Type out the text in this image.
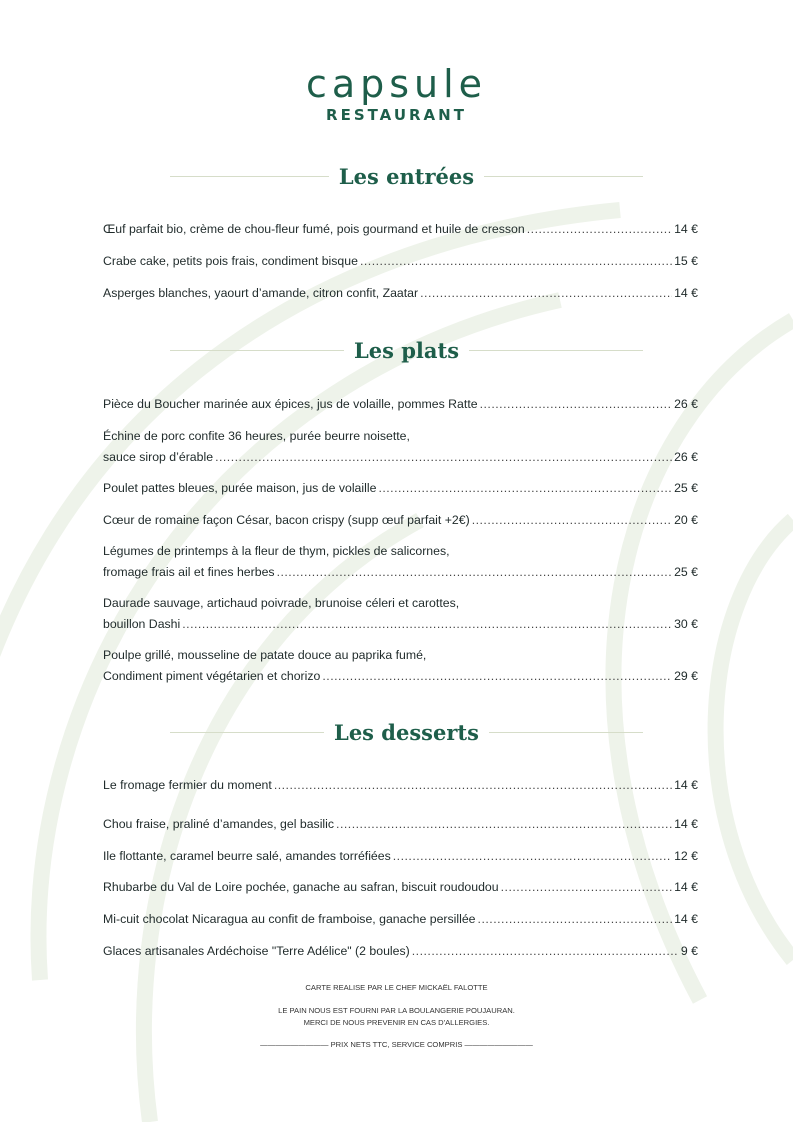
capsule
RESTAURANT
Les entrées
Œuf parfait bio, crème de chou-fleur fumé, pois gourmand et huile de cresson .....	14 €
Crabe cake, petits pois frais, condiment bisque .....	15 €
Asperges blanches, yaourt d’amande, citron confit, Zaatar .....	14 €
Les plats
Pièce du Boucher marinée aux épices, jus de volaille, pommes Ratte .....	26 €
Échine de porc confite 36 heures, purée beurre noisette,
sauce sirop d’érable .....	26 €
Poulet pattes bleues, purée maison, jus de volaille .....	25 €
Cœur de romaine façon César, bacon crispy (supp œuf parfait +2€) .....	20 €
Légumes de printemps à la fleur de thym, pickles de salicornes,
fromage frais ail et fines herbes .....	25 €
Daurade sauvage, artichaud poivrade, brunoise céleri et carottes,
bouillon Dashi .....	30 €
Poulpe grillé, mousseline de patate douce au paprika fumé,
Condiment piment végétarien et chorizo .....	29 €
Les desserts
Le fromage fermier du moment .....	14 €
Chou fraise, praliné d’amandes, gel basilic .....	14 €
Ile flottante, caramel beurre salé, amandes torréfiées .....	12 €
Rhubarbe du Val de Loire pochée, ganache au safran, biscuit roudoudou .....	14 €
Mi-cuit chocolat Nicaragua au confit de framboise, ganache persillée .....	14 €
Glaces artisanales Ardéchoise "Terre Adélice" (2 boules) .....	9 €
CARTE REALISE PAR LE CHEF MICKAËL FALOTTE
LE PAIN NOUS EST FOURNI PAR LA BOULANGERIE POUJAURAN.
MERCI DE NOUS PREVENIR EN CAS D'ALLERGIES.
————————— PRIX NETS TTC, SERVICE COMPRIS —————————
